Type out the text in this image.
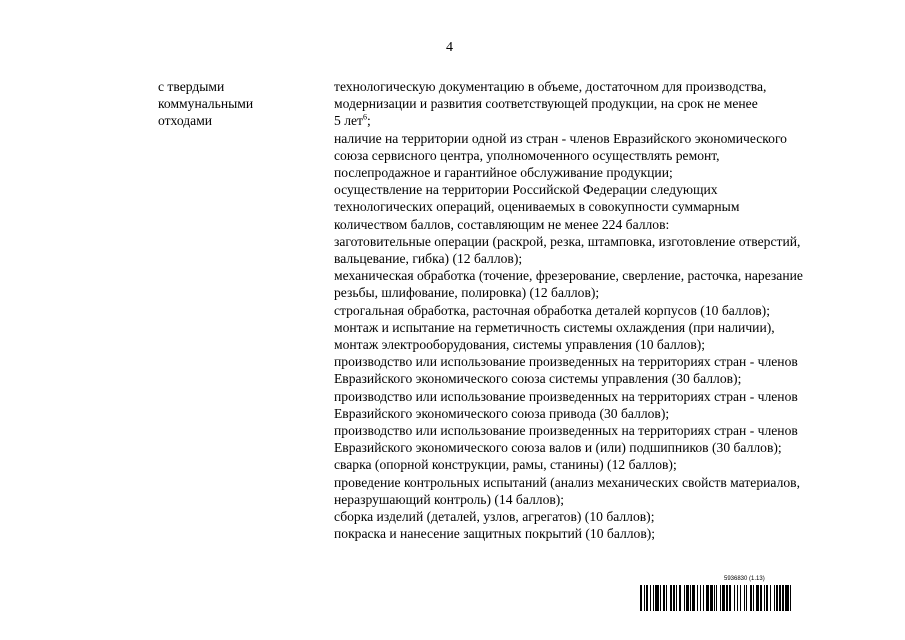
4
с твердыми
коммунальными
отходами
технологическую документацию в объеме, достаточном для производства,
модернизации и развития соответствующей продукции, на срок не менее
5 лет$^6$;
наличие на территории одной из стран - членов Евразийского экономического
союза сервисного центра, уполномоченного осуществлять ремонт,
послепродажное и гарантийное обслуживание продукции;
осуществление на территории Российской Федерации следующих
технологических операций, оцениваемых в совокупности суммарным
количеством баллов, составляющим не менее 224 баллов:
заготовительные операции (раскрой, резка, штамповка, изготовление отверстий,
вальцевание, гибка) (12 баллов);
механическая обработка (точение, фрезерование, сверление, расточка, нарезание
резьбы, шлифование, полировка) (12 баллов);
строгальная обработка, расточная обработка деталей корпусов (10 баллов);
монтаж и испытание на герметичность системы охлаждения (при наличии),
монтаж электрооборудования, системы управления (10 баллов);
производство или использование произведенных на территориях стран - членов
Евразийского экономического союза системы управления (30 баллов);
производство или использование произведенных на территориях стран - членов
Евразийского экономического союза привода (30 баллов);
производство или использование произведенных на территориях стран - членов
Евразийского экономического союза валов и (или) подшипников (30 баллов);
сварка (опорной конструкции, рамы, станины) (12 баллов);
проведение контрольных испытаний (анализ механических свойств материалов,
неразрушающий контроль) (14 баллов);
сборка изделий (деталей, узлов, агрегатов) (10 баллов);
покраска и нанесение защитных покрытий (10 баллов);
5936830 (1.13)
